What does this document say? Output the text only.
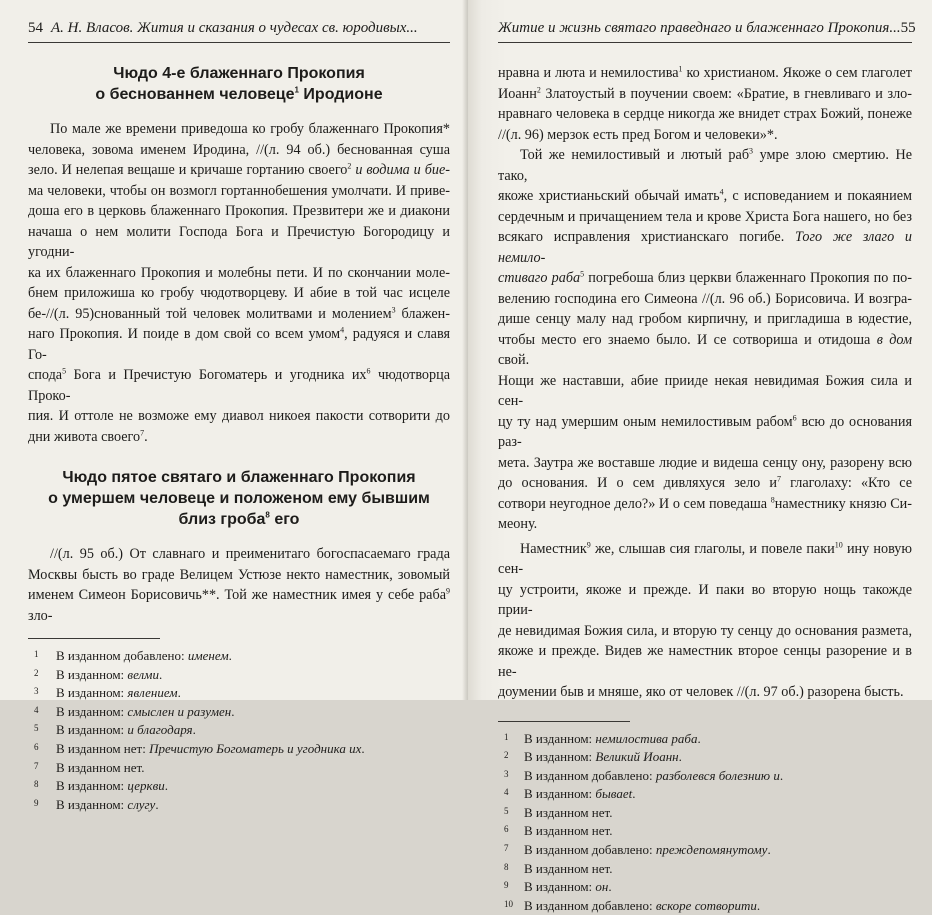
54 А. Н. Власов. Жития и сказания о чудесах св. юродивых...
Чюдо 4-е блаженнаго Прокопия
о беснованнем человеце$^1$ Иродионе

По мале же времени приведоша ко гробу блаженнаго Прокопия*

человека, зовома именем Иродина, //(л. 94 об.) беснованная суша

зело. И нелепая вещаше и кричаше гортанию своего$^2$ и водима и бие-

ма человеки, чтобы он возмогл гортаннобешения умолчати. И приве-

доша его в церковь блаженнаго Прокопия. Презвитери же и диакони

начаша о нем молити Господа Бога и Пречистую Богородицу и угодни-

ка их блаженнаго Прокопия и молебны пети. И по скончании моле-

бнем приложиша ко гробу чюдотворцеву. И абие в той час исцеле

бе-//(л. 95)снованный той человек молитвами и молением$^3$ блажен-

наго Прокопия. И поиде в дом свой со всем умом$^4$, радуяся и славя Го-

спода$^5$ Бога и Пречистую Богоматерь и угодника $их^6$ чюдотворца Проко-

пия. И оттоле не возможе ему диавол никоея пакости сотворити до

дни живота своего$^7$.

Чюдо пятое святаго и блаженнаго Прокопия
о умершем человеце и положеном ему бывшим
близ гроба$^8$ его

//(л. 95 об.) От славнаго и преименитаго богоспасаемаго града

Москвы бысть во граде Велицем Устюзе некто наместник, зовомый

именем Симеон Борисовичь**. Той же наместник имея у себе раба$^9$ зло-

1 В изданном добавлено: именем.
2 В изданном: велми.
3 В изданном: явлением.
4 В изданном: смыслен и разумен.
5 В изданном: и благодаря.
6 В изданном нет: Пречистую Богоматерь и угодника их.
7 В изданном нет.
8 В изданном: церкви.
9 В изданном: слугу.
Житие и жизнь святаго праведнаго и блаженнаго Прокопия... 55

нравна и люта и немилостива$^1$ ко христианом. Якоже о сем глаголет

Иоанн$^2$ Златоустый в поучении своем: «Братие, в гневливаго и зло-

нравнаго человека в сердце никогда же внидет страх Божий, понеже

//(л. 96) мерзок есть пред Богом и человеки»*.

Той же немилостивый и лютый раб$^3$ умре злою смертию. Не тако,

якоже христианьский обычай имать$^4$, с исповеданием и покаянием

сердечным и причащением тела и крове Христа Бога нашего, но без

всякаго исправления христианскаго погибе. Того же злаго и немило-

стиваго раба$^5$ погребоша близ церкви блаженнаго Прокопия по по-

велению господина его Симеона //(л. 96 об.) Борисовича. И возгра-

дише сенцу малу над гробом кирпичну, и пригладиша в юдестие,

чтобы место его знаемо было. И се сотвориша и отидоша в дом свой.

Нощи же наставши, абие прииде некая невидимая Божия сила и сен-

цу ту над умершим оным немилостивым рабом$^6$ всю до основания раз-

мета. Заутра же воставше людие и видеша сенцу ону, разорену всю

до основания. И о сем дивляхуся зело $и^7$ глаголаху: «Кто се

сотвори неугодное дело?» И о сем поведаша $^8$наместнику князю Си-

меону.

Наместник$^9$ же, слышав сия глаголы, и повеле паки$^{10}$ ину новую сен-

цу устроити, якоже и прежде. И паки во вторую нощь такожде прии-

де невидимая Божия сила, и вторую ту сенцу до основания размета,

якоже и прежде. Видев же наместник второе сенцы разорение и в не-

доумении быв и мняше, яко от человек //(л. 97 об.) разорена бысть.

1 В изданном: немилостива раба.
2 В изданном: Великий Иоанн.
3 В изданном добавлено: разболевся болезнию и.
4 В изданном: бываеt.
5 В изданном нет.
6 В изданном нет.
7 В изданном добавлено: преждепомянутому.
8 В изданном нет.
9 В изданном: он.
10 В изданном добавлено: вскоре сотворити.
